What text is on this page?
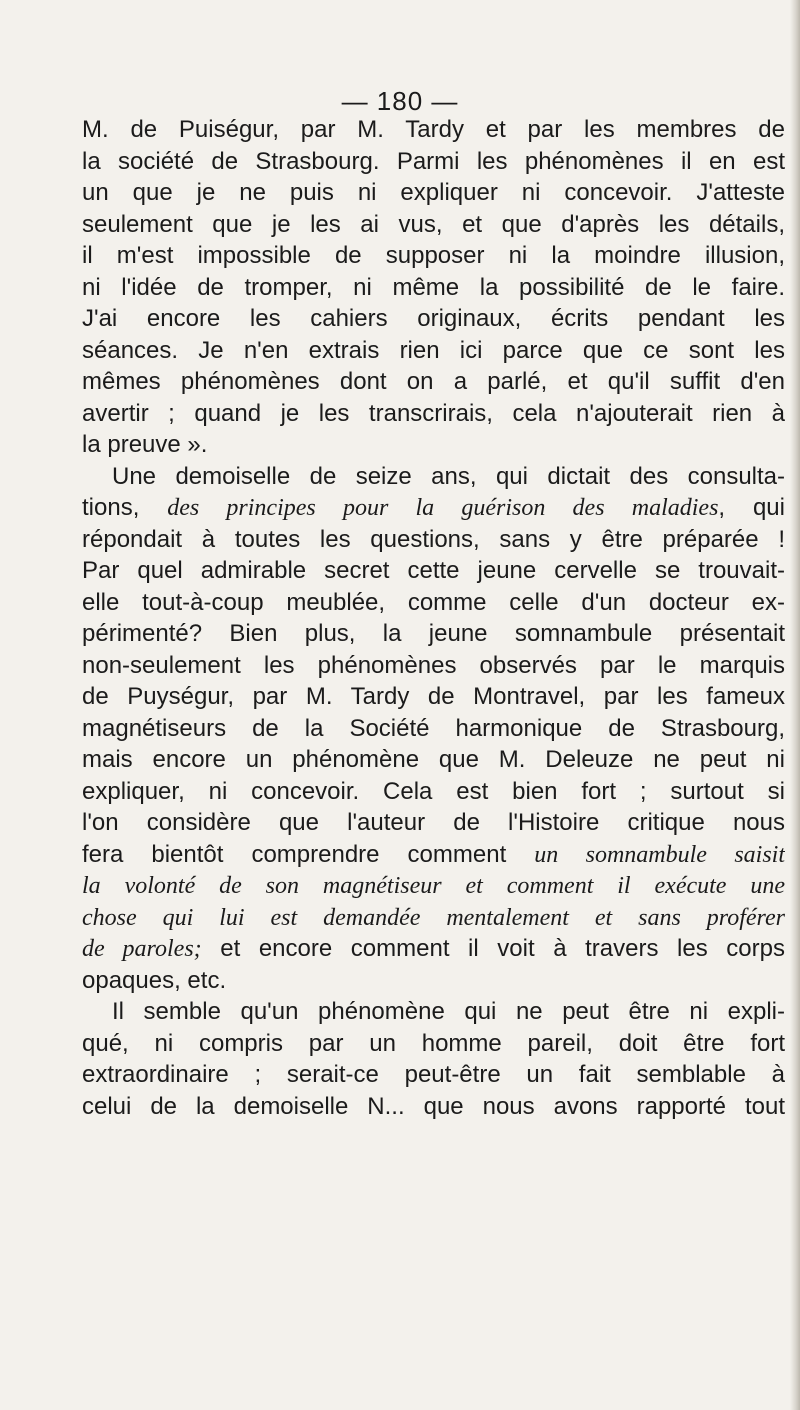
— 180 —
M. de Puiségur, par M. Tardy et par les membres de
la société de Strasbourg. Parmi les phénomènes il en est
un que je ne puis ni expliquer ni concevoir. J'atteste
seulement que je les ai vus, et que d'après les détails,
il m'est impossible de supposer ni la moindre illusion,
ni l'idée de tromper, ni même la possibilité de le faire.
J'ai encore les cahiers originaux, écrits pendant les
séances. Je n'en extrais rien ici parce que ce sont les
mêmes phénomènes dont on a parlé, et qu'il suffit d'en
avertir ; quand je les transcrirais, cela n'ajouterait rien à
la preuve ».
Une demoiselle de seize ans, qui dictait des consulta-
tions, des principes pour la guérison des maladies, qui
répondait à toutes les questions, sans y être préparée !
Par quel admirable secret cette jeune cervelle se trouvait-
elle tout-à-coup meublée, comme celle d'un docteur ex-
périmenté? Bien plus, la jeune somnambule présentait
non-seulement les phénomènes observés par le marquis
de Puységur, par M. Tardy de Montravel, par les fameux
magnétiseurs de la Société harmonique de Strasbourg,
mais encore un phénomène que M. Deleuze ne peut ni
expliquer, ni concevoir. Cela est bien fort ; surtout si
l'on considère que l'auteur de l'Histoire critique nous
fera bientôt comprendre comment un somnambule saisit
la volonté de son magnétiseur et comment il exécute une
chose qui lui est demandée mentalement et sans proférer
de paroles; et encore comment il voit à travers les corps
opaques, etc.
Il semble qu'un phénomène qui ne peut être ni expli-
qué, ni compris par un homme pareil, doit être fort
extraordinaire ; serait-ce peut-être un fait semblable à
celui de la demoiselle N... que nous avons rapporté tout
